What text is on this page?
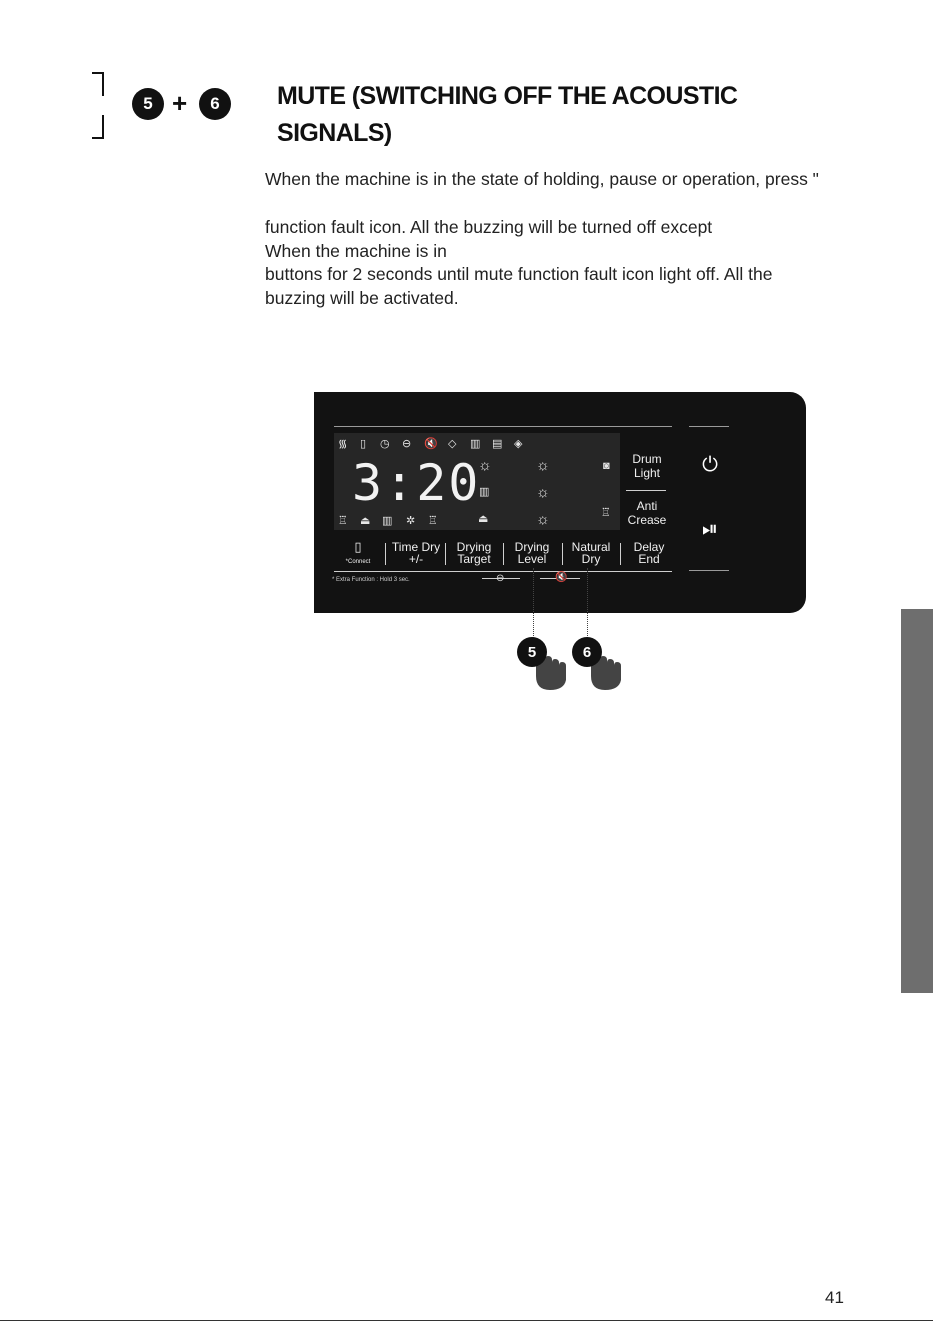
5 +	6	MUTE (SWITCHING OFF THE ACOUSTIC
SIGNALS)
When the machine is in the state of holding, pause or operation, press "
function fault icon. All the buzzing will be turned off except
When the machine is in
buttons for 2 seconds until mute function fault icon light off. All the
buzzing will be activated.
᯾ ▯ ◷ ⊖ 🔇 ◇ ▥ ▤ ◈
3:20
☼	☼
▥	☼
☼
⏏
◙
♖
♖ ⏏ ▥ ✲ ♖
Drum
Light
Anti
Crease
▯
*Connect
Time Dry
+/-
Drying
Target
Drying
Level
Natural
Dry
Delay
End
* Extra Function : Hold 3 sec.	⊖	🔇
⏻
⏯
5	6
41
